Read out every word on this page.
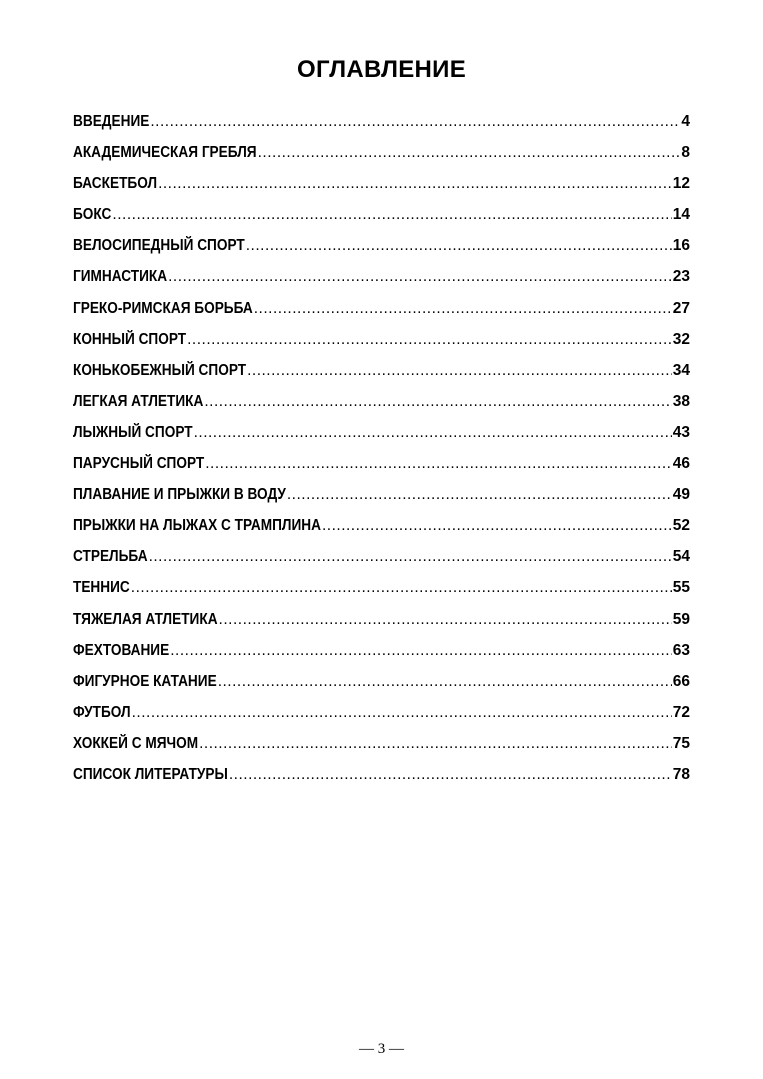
ОГЛАВЛЕНИЕ
ВВЕДЕНИЕ .....	4
АКАДЕМИЧЕСКАЯ ГРЕБЛЯ .....	8
БАСКЕТБОЛ .....	12
БОКС .....	14
ВЕЛОСИПЕДНЫЙ СПОРТ .....	16
ГИМНАСТИКА .....	23
ГРЕКО-РИМСКАЯ БОРЬБА .....	27
КОННЫЙ СПОРТ .....	32
КОНЬКОБЕЖНЫЙ СПОРТ .....	34
ЛЕГКАЯ АТЛЕТИКА .....	38
ЛЫЖНЫЙ СПОРТ .....	43
ПАРУСНЫЙ СПОРТ .....	46
ПЛАВАНИЕ И ПРЫЖКИ В ВОДУ .....	49
ПРЫЖКИ НА ЛЫЖАХ С ТРАМПЛИНА .....	52
СТРЕЛЬБА .....	54
ТЕННИС .....	55
ТЯЖЕЛАЯ АТЛЕТИКА .....	59
ФЕХТОВАНИЕ .....	63
ФИГУРНОЕ КАТАНИЕ .....	66
ФУТБОЛ .....	72
ХОККЕЙ С МЯЧОМ .....	75
СПИСОК ЛИТЕРАТУРЫ .....	78
— 3 —
